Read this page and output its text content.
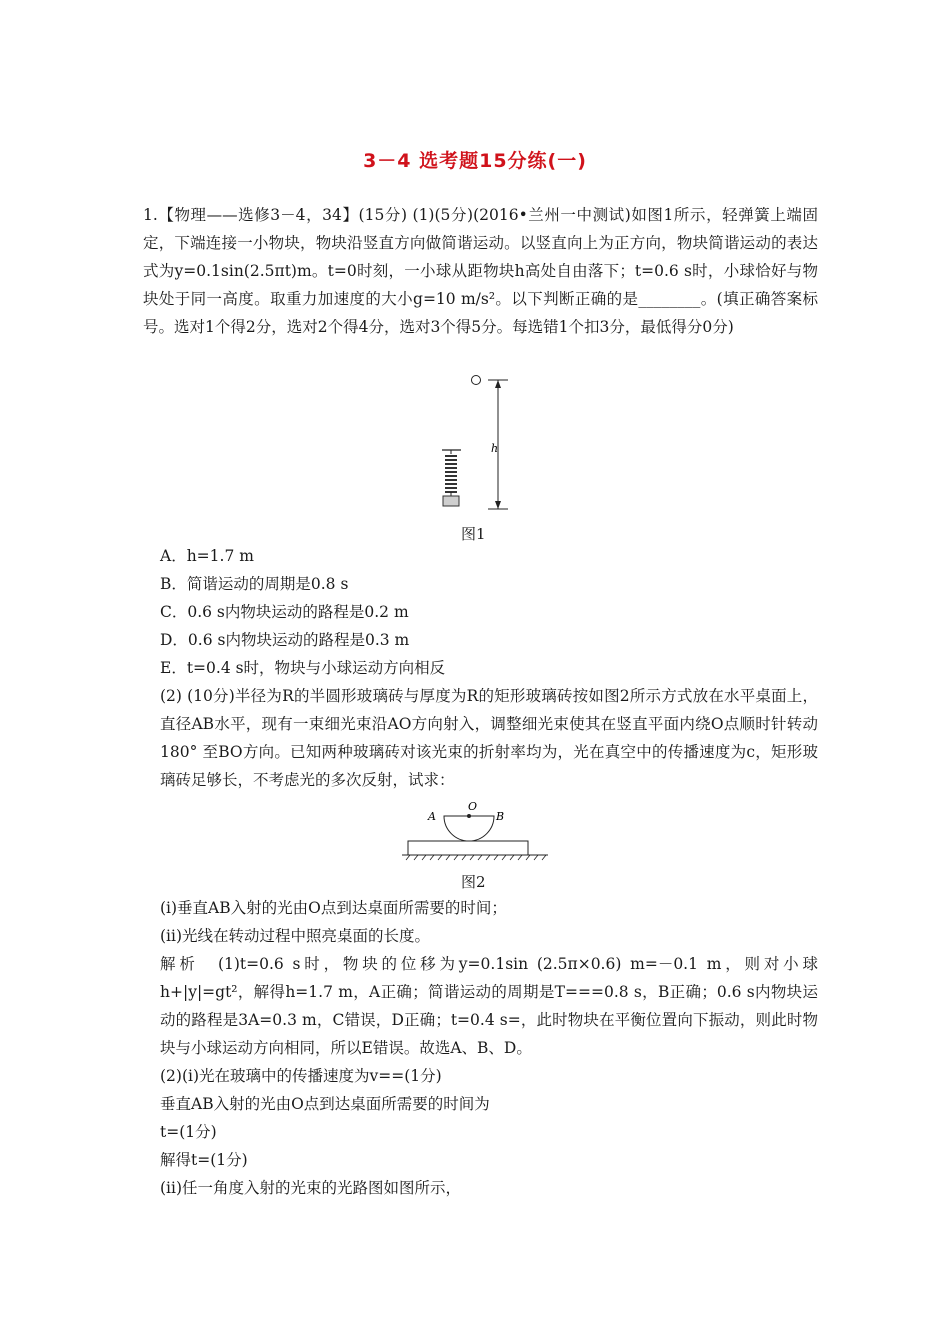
3－4 选考题15分练(一)
1.【物理——选修3－4，34】(15分) (1)(5分)(2016•兰州一中测试)如图1所示，轻弹簧上端固定，下端连接一小物块，物块沿竖直方向做简谐运动。以竖直向上为正方向，物块简谐运动的表达式为y=0.1sin(2.5πt)m。t=0时刻，一小球从距物块h高处自由落下；t=0.6 s时，小球恰好与物块处于同一高度。取重力加速度的大小g=10 m/s²。以下判断正确的是________。(填正确答案标号。选对1个得2分，选对2个得4分，选对3个得5分。每选错1个扣3分，最低得分0分)
h
图1
A．h=1.7 m
B．简谐运动的周期是0.8 s
C．0.6 s内物块运动的路程是0.2 m
D．0.6 s内物块运动的路程是0.3 m
E．t=0.4 s时，物块与小球运动方向相反
(2) (10分)半径为R的半圆形玻璃砖与厚度为R的矩形玻璃砖按如图2所示方式放在水平桌面上，直径AB水平，现有一束细光束沿AO方向射入，调整细光束使其在竖直平面内绕O点顺时针转动180° 至BO方向。已知两种玻璃砖对该光束的折射率均为，光在真空中的传播速度为c，矩形玻璃砖足够长，不考虑光的多次反射，试求：
A
O
B
图2
(ⅰ)垂直AB入射的光由O点到达桌面所需要的时间；
(ⅱ)光线在转动过程中照亮桌面的长度。
解析　(1)t=0.6 s时，物块的位移为y=0.1sin (2.5π×0.6) m=－0.1 m，则对小球h+|y|=gt²，解得h=1.7 m，A正确；简谐运动的周期是T===0.8 s，B正确；0.6 s内物块运动的路程是3A=0.3 m，C错误，D正确；t=0.4 s=，此时物块在平衡位置向下振动，则此时物块与小球运动方向相同，所以E错误。故选A、B、D。
(2)(ⅰ)光在玻璃中的传播速度为v==(1分)
垂直AB入射的光由O点到达桌面所需要的时间为
t=(1分)
解得t=(1分)
(ⅱ)任一角度入射的光束的光路图如图所示，
